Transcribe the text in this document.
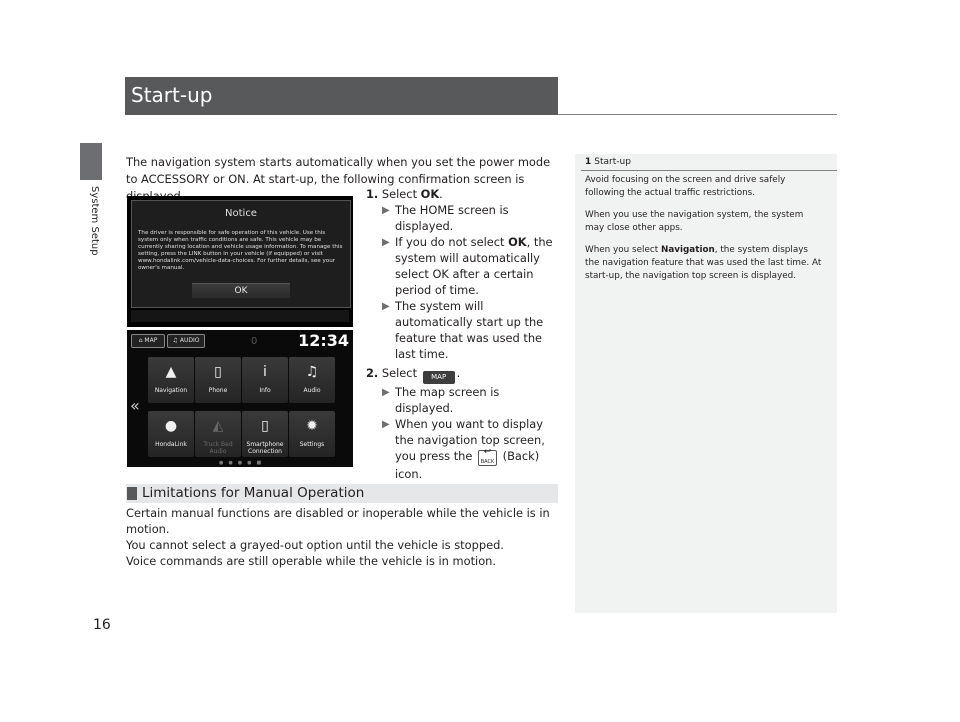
System Setup
16
Start-up
The navigation system starts automatically when you set the power mode to ACCESSORY or ON. At start-up, the following confirmation screen is
Notice
The driver is responsible for safe operation of this vehicle. Use this system only when traffic conditions are safe. This vehicle may be currently sharing location and vehicle usage information. To manage this setting, press the LINK button in your vehicle (if equipped) or visit www.hondalink.com/vehicle-data-choices. For further details, see your owner's manual.
OK
⌂ MAP	♫ AUDIO	0	12:34
«
▲
Navigation
▯
Phone
i
Info
♫
Audio
●
HondaLink
◭
Truck Bed Audio
▯
Smartphone Connection
✹
Settings
●●●●■
1. Select OK.
▶ The HOME screen is displayed.
▶ If you do not select OK, the system will automatically select OK after a certain period of time.
▶ The system will automatically start up the feature that was used the last time.
2. Select MAP .
▶ The map screen is displayed.
▶ When you want to display the navigation top screen, you press the ↩ BACK (Back) icon.
Limitations for Manual Operation
Certain manual functions are disabled or inoperable while the vehicle is in motion.
You cannot select a grayed-out option until the vehicle is stopped.
Voice commands are still operable while the vehicle is in motion.
1 Start-up

Avoid focusing on the screen and drive safely following the actual traffic restrictions.

When you use the navigation system, the system may close other apps.

When you select Navigation, the system displays the navigation feature that was used the last time. At start-up, the navigation top screen is displayed.
